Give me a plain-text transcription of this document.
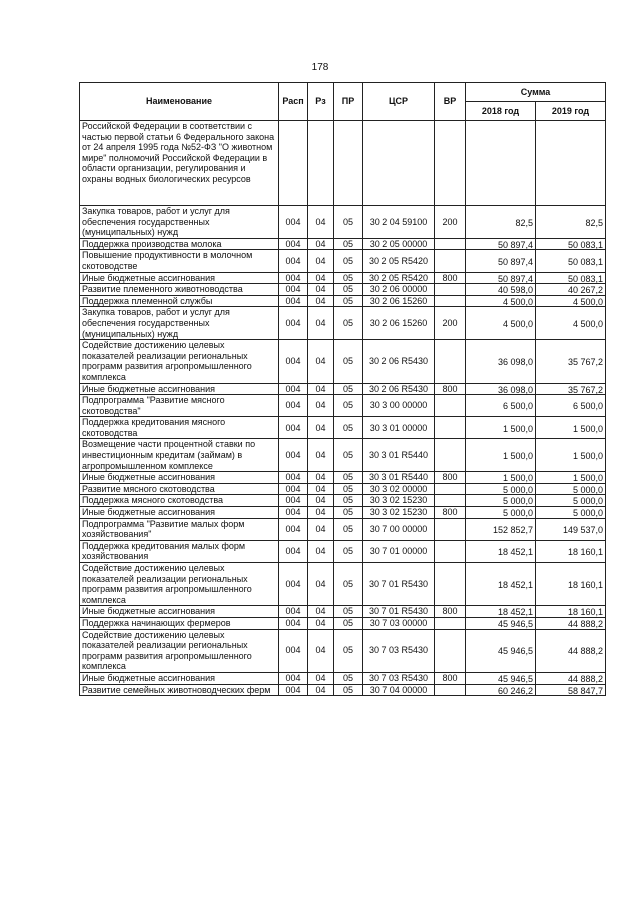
178
Наименование	Расп	Рз	ПР	ЦСР	ВР	Сумма	
						2018 год	2019 год
Российской Федерации в соответствии с частью первой статьи 6 Федерального закона от 24 апреля 1995 года №52-ФЗ "О животном мире" полномочий Российской Федерации в области организации, регулирования и охраны водных биологических ресурсов							
Закупка товаров, работ и услуг для обеспечения государственных (муниципальных) нужд	004	04	05	30 2 04 59100	200	82,5	82,5
Поддержка производства молока	004	04	05	30 2 05 00000		50 897,4	50 083,1
Повышение продуктивности в молочном скотоводстве	004	04	05	30 2 05 R5420		50 897,4	50 083,1
Иные бюджетные ассигнования	004	04	05	30 2 05 R5420	800	50 897,4	50 083,1
Развитие племенного животноводства	004	04	05	30 2 06 00000		40 598,0	40 267,2
Поддержка племенной службы	004	04	05	30 2 06 15260		4 500,0	4 500,0
Закупка товаров, работ и услуг для обеспечения государственных (муниципальных) нужд	004	04	05	30 2 06 15260	200	4 500,0	4 500,0
Содействие достижению целевых показателей реализации региональных программ развития агропромышленного комплекса	004	04	05	30 2 06 R5430		36 098,0	35 767,2
Иные бюджетные ассигнования	004	04	05	30 2 06 R5430	800	36 098,0	35 767,2
Подпрограмма "Развитие мясного скотоводства"	004	04	05	30 3 00 00000		6 500,0	6 500,0
Поддержка кредитования мясного скотоводства	004	04	05	30 3 01 00000		1 500,0	1 500,0
Возмещение части процентной ставки по инвестиционным кредитам (займам) в агропромышленном комплексе	004	04	05	30 3 01 R5440		1 500,0	1 500,0
Иные бюджетные ассигнования	004	04	05	30 3 01 R5440	800	1 500,0	1 500,0
Развитие мясного скотоводства	004	04	05	30 3 02 00000		5 000,0	5 000,0
Поддержка мясного скотоводства	004	04	05	30 3 02 15230		5 000,0	5 000,0
Иные бюджетные ассигнования	004	04	05	30 3 02 15230	800	5 000,0	5 000,0
Подпрограмма "Развитие малых форм хозяйствования"	004	04	05	30 7 00 00000		152 852,7	149 537,0
Поддержка кредитования малых форм хозяйствования	004	04	05	30 7 01 00000		18 452,1	18 160,1
Содействие достижению целевых показателей реализации региональных программ развития агропромышленного комплекса	004	04	05	30 7 01 R5430		18 452,1	18 160,1
Иные бюджетные ассигнования	004	04	05	30 7 01 R5430	800	18 452,1	18 160,1
Поддержка начинающих фермеров	004	04	05	30 7 03 00000		45 946,5	44 888,2
Содействие достижению целевых показателей реализации региональных программ развития агропромышленного комплекса	004	04	05	30 7 03 R5430		45 946,5	44 888,2
Иные бюджетные ассигнования	004	04	05	30 7 03 R5430	800	45 946,5	44 888,2
Развитие семейных животноводческих ферм	004	04	05	30 7 04 00000		60 246,2	58 847,7
